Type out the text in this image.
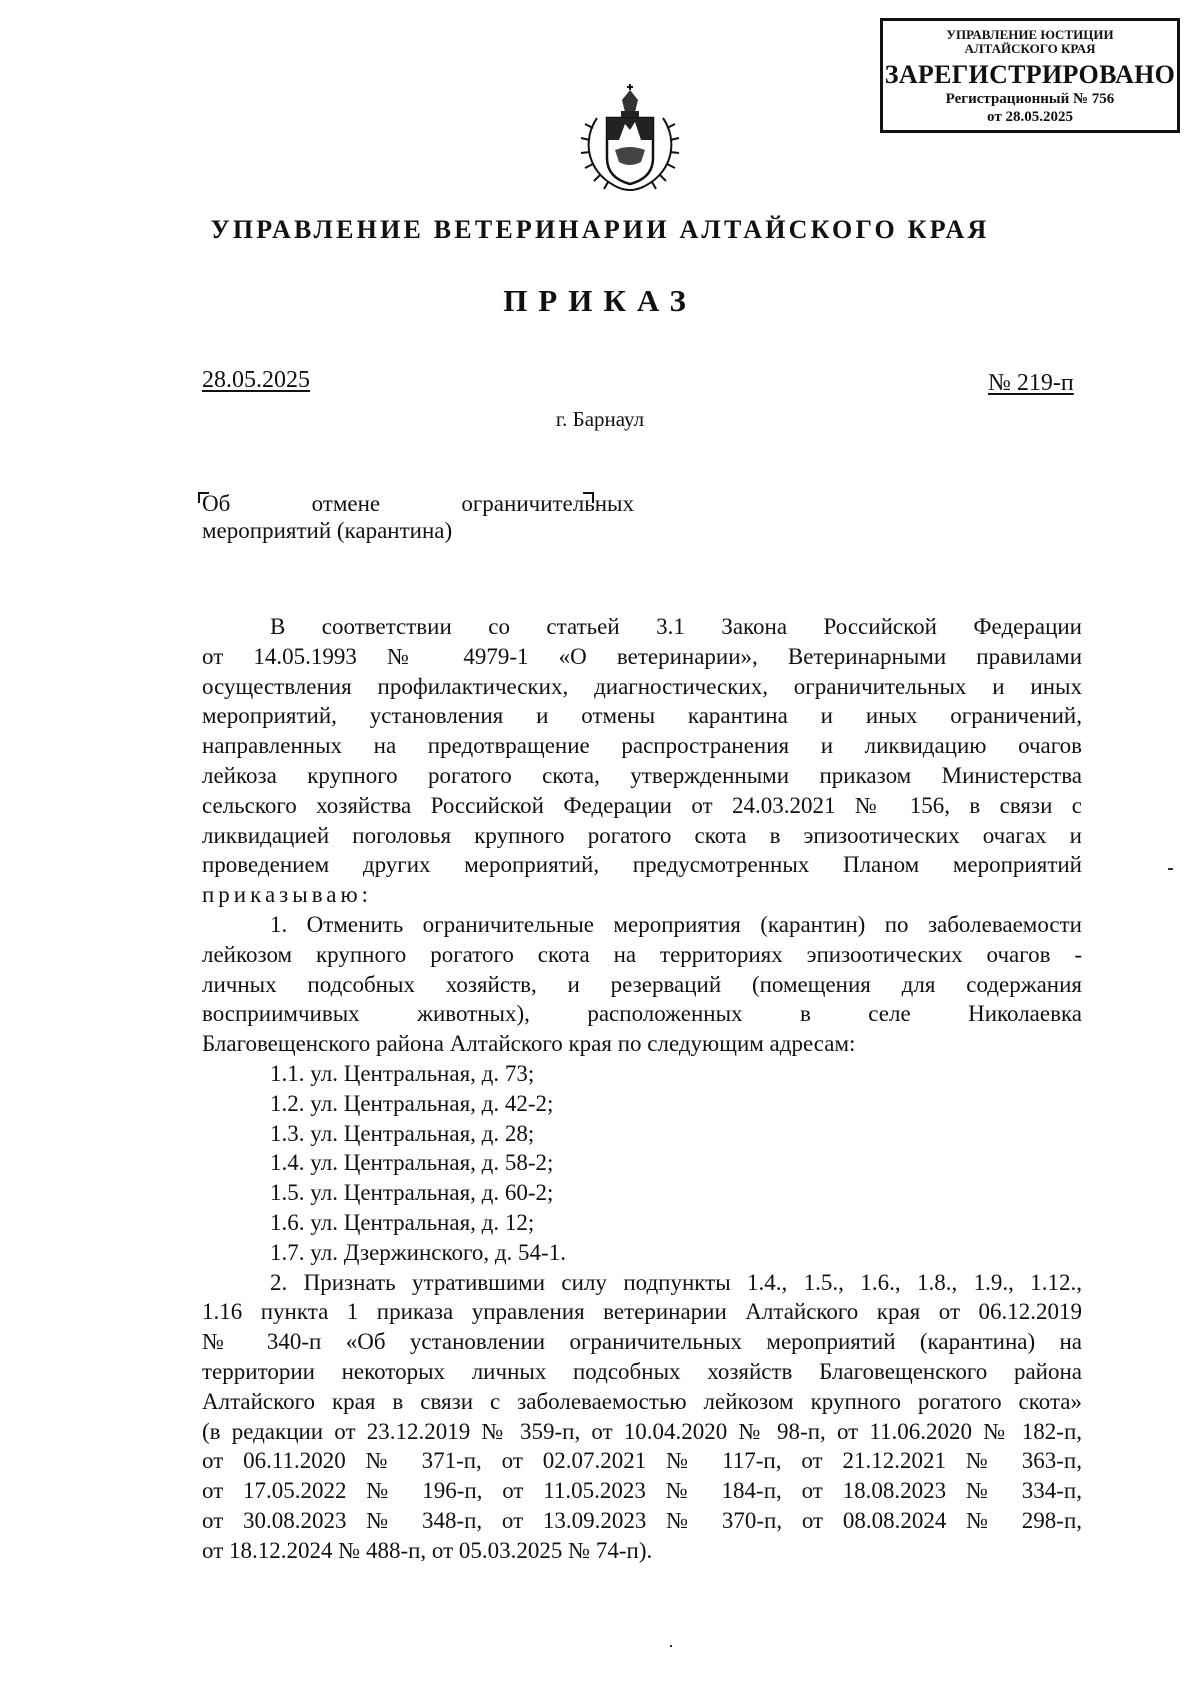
УПРАВЛЕНИЕ ЮСТИЦИИ
АЛТАЙСКОГО КРАЯ
ЗАРЕГИСТРИРОВАНО
Регистрационный № 756
от 28.05.2025
УПРАВЛЕНИЕ ВЕТЕРИНАРИИ АЛТАЙСКОГО КРАЯ
ПРИКАЗ
28.05.2025	№ 219-п
г. Барнаул
Об	отмене	ограничительных
мероприятий (карантина)

В соответствии со статьей 3.1 Закона Российской Федерации

от 14.05.1993 № 4979-1 «О ветеринарии», Ветеринарными правилами

осуществления профилактических, диагностических, ограничительных и иных

мероприятий, установления и отмены карантина и иных ограничений,

направленных на предотвращение распространения и ликвидацию очагов

лейкоза крупного рогатого скота, утвержденными приказом Министерства

сельского хозяйства Российской Федерации от 24.03.2021 № 156, в связи с

ликвидацией поголовья крупного рогатого скота в эпизоотических очагах и

проведением других мероприятий, предусмотренных Планом мероприятий

приказываю:

1. Отменить ограничительные мероприятия (карантин) по заболеваемости

лейкозом крупного рогатого скота на территориях эпизоотических очагов -

личных подсобных хозяйств, и резерваций (помещения для содержания

восприимчивых животных), расположенных в селе Николаевка

Благовещенского района Алтайского края по следующим адресам:

1.1. ул. Центральная, д. 73;

1.2. ул. Центральная, д. 42-2;

1.3. ул. Центральная, д. 28;

1.4. ул. Центральная, д. 58-2;

1.5. ул. Центральная, д. 60-2;

1.6. ул. Центральная, д. 12;

1.7. ул. Дзержинского, д. 54-1.

2. Признать утратившими силу подпункты 1.4., 1.5., 1.6., 1.8., 1.9., 1.12.,

1.16 пункта 1 приказа управления ветеринарии Алтайского края от 06.12.2019

№ 340-п «Об установлении ограничительных мероприятий (карантина) на

территории некоторых личных подсобных хозяйств Благовещенского района

Алтайского края в связи с заболеваемостью лейкозом крупного рогатого скота»

(в редакции от 23.12.2019 № 359-п, от 10.04.2020 № 98-п, от 11.06.2020 № 182-п,

от 06.11.2020 № 371-п, от 02.07.2021 № 117-п, от 21.12.2021 № 363-п,

от 17.05.2022 № 196-п, от 11.05.2023 № 184-п, от 18.08.2023 № 334-п,

от 30.08.2023 № 348-п, от 13.09.2023 № 370-п, от 08.08.2024 № 298-п,

от 18.12.2024 № 488-п, от 05.03.2025 № 74-п).
